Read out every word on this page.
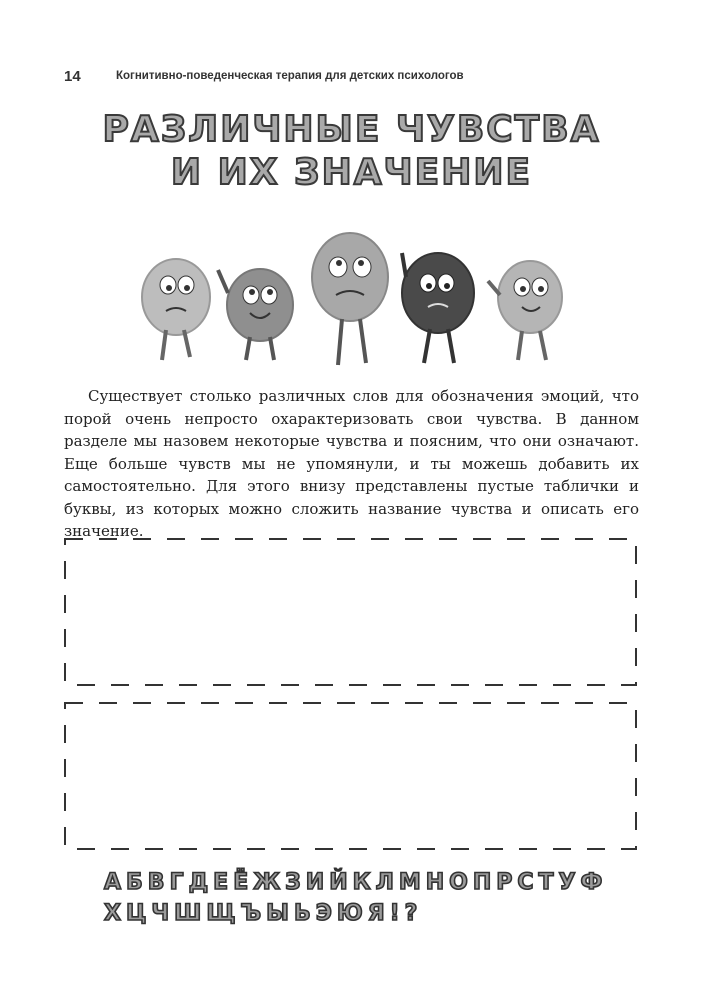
14	Когнитивно-поведенческая терапия для детских психологов
РАЗЛИЧНЫЕ ЧУВСТВА
И ИХ ЗНАЧЕНИЕ
Существует столько различных слов для обозначения эмоций, что порой очень непросто охарактеризовать свои чувства. В данном разделе мы назовем некоторые чувства и поясним, что они означают. Еще больше чувств мы не упомянули, и ты можешь добавить их самостоятельно. Для этого внизу представлены пустые таблички и буквы, из которых можно сложить название чувства и описать его значение.
АБВГДЕЁЖЗИЙКЛМНОПРСТУФ
ХЦЧШЩЪЫЬЭЮЯ!?
